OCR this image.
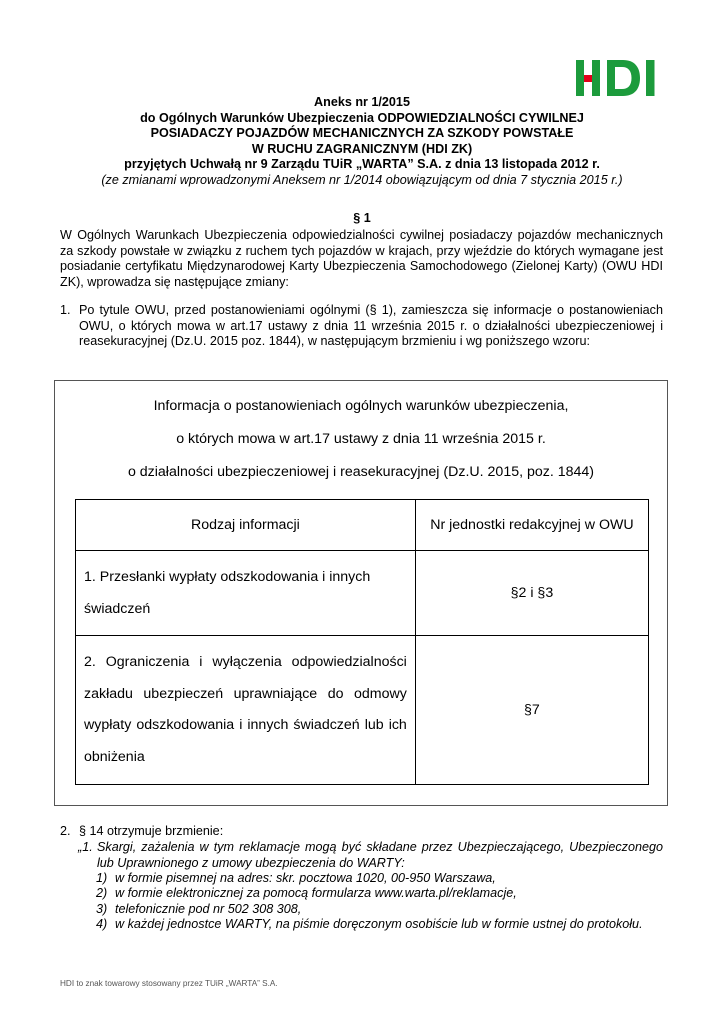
Aneks nr 1/2015
do Ogólnych Warunków Ubezpieczenia ODPOWIEDZIALNOŚCI CYWILNEJ
POSIADACZY POJAZDÓW MECHANICZNYCH ZA SZKODY POWSTAŁE
W RUCHU ZAGRANICZNYM (HDI ZK)
przyjętych Uchwałą nr 9 Zarządu TUiR „WARTA” S.A. z dnia 13 listopada 2012 r.
(ze zmianami wprowadzonymi Aneksem nr 1/2014 obowiązującym od dnia 7 stycznia 2015 r.)
§ 1
W Ogólnych Warunkach Ubezpieczenia odpowiedzialności cywilnej posiadaczy pojazdów mechanicznych za szkody powstałe w związku z ruchem tych pojazdów w krajach, przy wjeździe do których wymagane jest posiadanie certyfikatu Międzynarodowej Karty Ubezpieczenia Samochodowego (Zielonej Karty) (OWU HDI ZK), wprowadza się następujące zmiany:
1. Po tytule OWU, przed postanowieniami ogólnymi (§ 1), zamieszcza się informacje o postanowieniach OWU, o których mowa w art.17 ustawy z dnia 11 września 2015 r. o działalności ubezpieczeniowej i reasekuracyjnej (Dz.U. 2015 poz. 1844), w następującym brzmieniu i wg poniższego wzoru:
Informacja o postanowieniach ogólnych warunków ubezpieczenia,
o których mowa w art.17 ustawy z dnia 11 września 2015 r.
o działalności ubezpieczeniowej i reasekuracyjnej (Dz.U. 2015, poz. 1844)
Rodzaj informacji	Nr jednostki redakcyjnej w OWU
1. Przesłanki wypłaty odszkodowania i innych świadczeń	§2 i §3
2. Ograniczenia i wyłączenia odpowiedzialności zakładu ubezpieczeń uprawniające do odmowy wypłaty odszkodowania i innych świadczeń lub ich obniżenia	§7
2. § 14 otrzymuje brzmienie:
„1. Skargi, zażalenia w tym reklamacje mogą być składane przez Ubezpieczającego, Ubezpieczonego lub Uprawnionego z umowy ubezpieczenia do WARTY:
1) w formie pisemnej na adres: skr. pocztowa 1020, 00-950 Warszawa,
2) w formie elektronicznej za pomocą formularza www.warta.pl/reklamacje,
3) telefonicznie pod nr 502 308 308,
4) w każdej jednostce WARTY, na piśmie doręczonym osobiście lub w formie ustnej do protokołu.
HDI to znak towarowy stosowany przez TUiR „WARTA” S.A.
